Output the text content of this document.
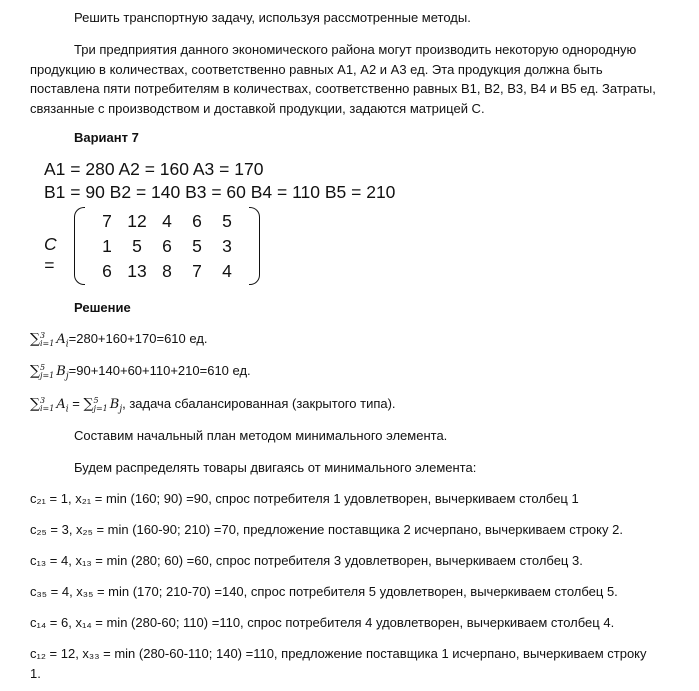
Решить транспортную задачу, используя рассмотренные методы.

Три предприятия данного экономического района могут производить некоторую однородную продукцию в количествах, соответственно равных А1, А2 и А3 ед. Эта продукция должна быть поставлена пяти потребителям в количествах, соответственно равных В1, В2, В3, В4 и В5 ед. Затраты, связанные с производством и доставкой продукции, задаются матрицей С.

Вариант 7

A1 = 280 A2 = 160 A3 = 170
B1 = 90 B2 = 140 B3 = 60 B4 = 110 B5 = 210
C =
7 12 4	6	5
1	5	6	5	3
6 13 8	7	4

Решение

∑ 3
i=1 $A_i=280+160+170=610$ ед.
∑ 5
j=1 $B_j=90+140+60+110+210=610$ ед.
∑ 3
i=1 $A_i$ = ∑ 5
j=1 $B_j$, задача сбалансированная (закрытого типа).

Составим начальный план методом минимального элемента.

Будем распределять товары двигаясь от минимального элемента:

c₂₁ = 1, x₂₁ = min (160; 90) =90, спрос потребителя 1 удовлетворен, вычеркиваем столбец 1
c₂₅ = 3, x₂₅ = min (160-90; 210) =70, предложение поставщика 2 исчерпано, вычеркиваем строку 2.
c₁₃ = 4, x₁₃ = min (280; 60) =60, спрос потребителя 3 удовлетворен, вычеркиваем столбец 3.
c₃₅ = 4, x₃₅ = min (170; 210-70) =140, спрос потребителя 5 удовлетворен, вычеркиваем столбец 5.
c₁₄ = 6, x₁₄ = min (280-60; 110) =110, спрос потребителя 4 удовлетворен, вычеркиваем столбец 4.
c₁₂ = 12, x₃₃ = min (280-60-110; 140) =110, предложение поставщика 1 исчерпано, вычеркиваем строку 1.
